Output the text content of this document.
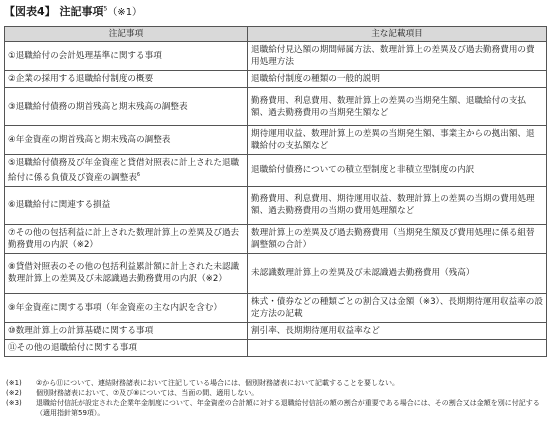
【図表4】 注記事項$^5$（※1）
注記事項	主な記載項目
①退職給付の会計処理基準に関する事項	退職給付見込額の期間帰属方法、数理計算上の差異及び過去勤務費用の費用処理方法
②企業の採用する退職給付制度の概要	退職給付制度の種類の一般的説明
③退職給付債務の期首残高と期末残高の調整表	勤務費用、利息費用、数理計算上の差異の当期発生額、退職給付の支払額、過去勤務費用の当期発生額など
④年金資産の期首残高と期末残高の調整表	期待運用収益、数理計算上の差異の当期発生額、事業主からの拠出額、退職給付の支払額など
⑤退職給付債務及び年金資産と貸借対照表に計上された退職給付に係る負債及び資産の調整表$^6$	退職給付債務についての積立型制度と非積立型制度の内訳
⑥退職給付に関連する損益	勤務費用、利息費用、期待運用収益、数理計算上の差異の当期の費用処理額、過去勤務費用の当期の費用処理額など
⑦その他の包括利益に計上された数理計算上の差異及び過去勤務費用の内訳（※2）	数理計算上の差異及び過去勤務費用（当期発生額及び費用処理に係る組替調整額の合計）
⑧貸借対照表のその他の包括利益累計額に計上された未認識数理計算上の差異及び未認識過去勤務費用の内訳（※2）	未認識数理計算上の差異及び未認識過去勤務費用（残高）
⑨年金資産に関する事項（年金資産の主な内訳を含む）	株式・債券などの種類ごとの割合又は金額（※3）、長期期待運用収益率の設定方法の記載
⑩数理計算上の計算基礎に関する事項	割引率、長期期待運用収益率など
⑪その他の退職給付に関する事項	
(※1)	②から⑪について、連結財務諸表において注記している場合には、個別財務諸表において記載することを要しない。
(※2)	個別財務諸表において、⑦及び⑧については、当面の間、適用しない。
(※3)	退職給付信託が設定された企業年金制度について、年金資産の合計額に対する退職給付信託の額の割合が重要である場合には、その割合又は金額を別に付記する（適用指針第59項）。
